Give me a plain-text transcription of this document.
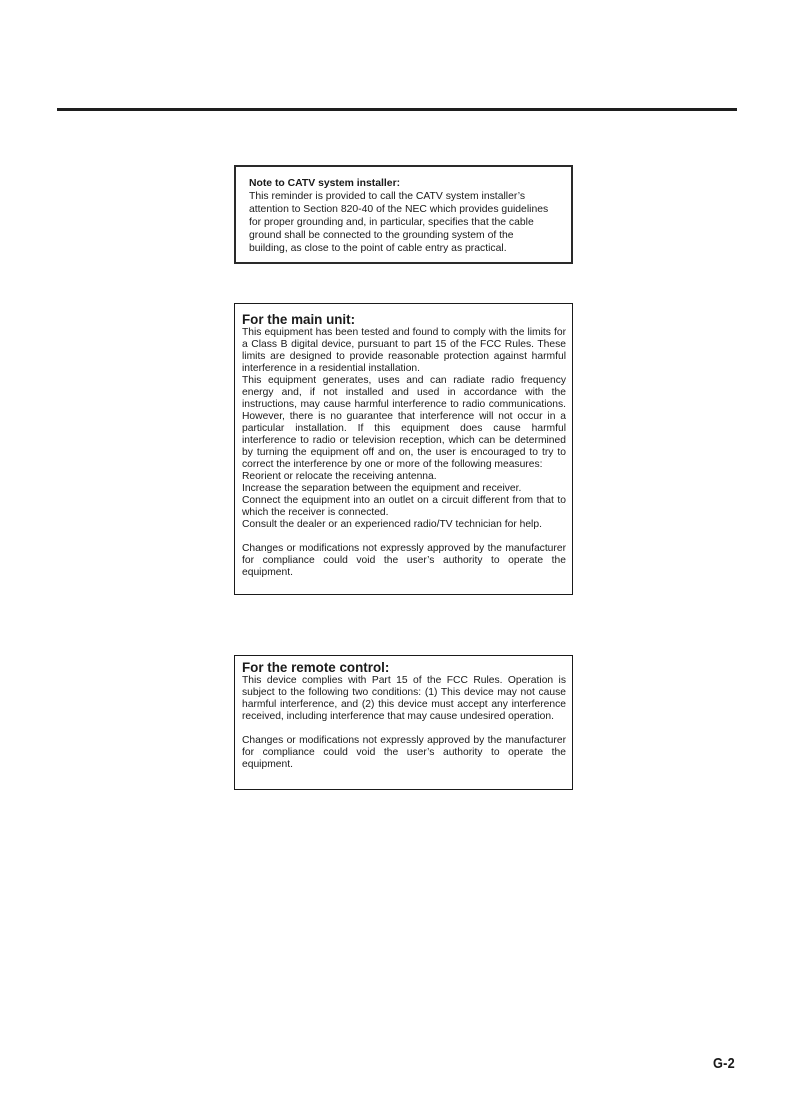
Note to CATV system installer:
This reminder is provided to call the CATV system installer’s
attention to Section 820-40 of the NEC which provides guidelines
for proper grounding and, in particular, specifies that the cable
ground shall be connected to the grounding system of the
building, as close to the point of cable entry as practical.
For the main unit:
This equipment has been tested and found to comply with the limits for a Class B digital device, pursuant to part 15 of the FCC Rules. These limits are designed to provide reasonable protection against harmful interference in a residential installation.
This equipment generates, uses and can radiate radio frequency energy and, if not installed and used in accordance with the instructions, may cause harmful interference to radio communications. However, there is no guarantee that interference will not occur in a particular installation. If this equipment does cause harmful interference to radio or television reception, which can be determined by turning the equipment off and on, the user is encouraged to try to correct the interference by one or more of the following measures:
Reorient or relocate the receiving antenna.
Increase the separation between the equipment and receiver.
Connect the equipment into an outlet on a circuit different from that to which the receiver is connected.
Consult the dealer or an experienced radio/TV technician for help.
Changes or modifications not expressly approved by the manufacturer for compliance could void the user’s authority to operate the equipment.
For the remote control:
This device complies with Part 15 of the FCC Rules. Operation is subject to the following two conditions: (1) This device may not cause harmful interference, and (2) this device must accept any interference received, including interference that may cause undesired operation.
Changes or modifications not expressly approved by the manufacturer for compliance could void the user’s authority to operate the equipment.
G-2
